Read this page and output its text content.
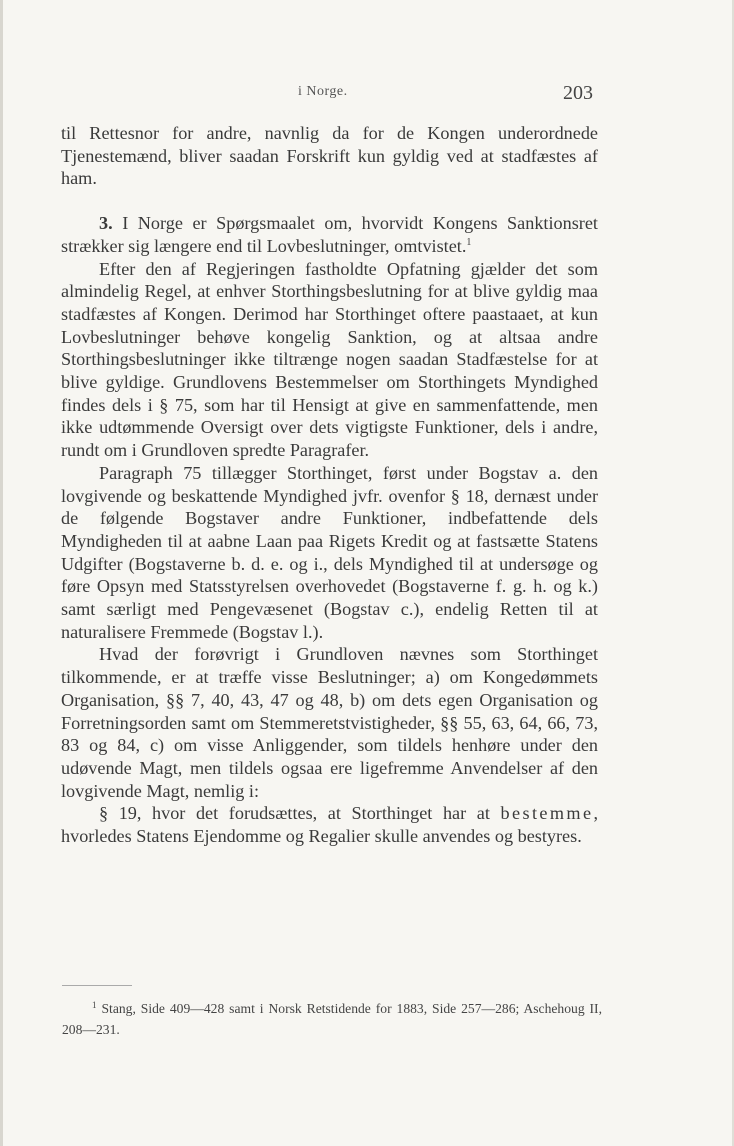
i Norge.	203

til Rettesnor for andre, navnlig da for de Kongen underordnede Tjenestemænd, bliver saadan Forskrift kun gyldig ved at stadfæstes af ham.

3. I Norge er Spørgsmaalet om, hvorvidt Kongens Sanktionsret strækker sig længere end til Lovbeslutninger, omtvistet.$^1$

Efter den af Regjeringen fastholdte Opfatning gjælder det som almindelig Regel, at enhver Storthingsbeslutning for at blive gyldig maa stadfæstes af Kongen. Derimod har Storthinget oftere paastaaet, at kun Lovbeslutninger behøve kongelig Sanktion, og at altsaa andre Storthingsbeslutninger ikke tiltrænge nogen saadan Stadfæstelse for at blive gyldige. Grundlovens Bestemmelser om Storthingets Myndighed findes dels i § 75, som har til Hensigt at give en sammenfattende, men ikke udtømmende Oversigt over dets vigtigste Funktioner, dels i andre, rundt om i Grundloven spredte Paragrafer.

Paragraph 75 tillægger Storthinget, først under Bogstav a. den lovgivende og beskattende Myndighed jvfr. ovenfor § 18, dernæst under de følgende Bogstaver andre Funktioner, indbefattende dels Myndigheden til at aabne Laan paa Rigets Kredit og at fastsætte Statens Udgifter (Bogstaverne b. d. e. og i., dels Myndighed til at undersøge og føre Opsyn med Statsstyrelsen overhovedet (Bogstaverne f. g. h. og k.) samt særligt med Pengevæsenet (Bogstav c.), endelig Retten til at naturalisere Fremmede (Bogstav l.).

Hvad der forøvrigt i Grundloven nævnes som Storthinget tilkommende, er at træffe visse Beslutninger; a) om Kongedømmets Organisation, §§ 7, 40, 43, 47 og 48, b) om dets egen Organisation og Forretningsorden samt om Stemmeretstvistigheder, §§ 55, 63, 64, 66, 73, 83 og 84, c) om visse Anliggender, som tildels henhøre under den udøvende Magt, men tildels ogsaa ere ligefremme Anvendelser af den lovgivende Magt, nemlig i:

§ 19, hvor det forudsættes, at Storthinget har at bestemme, hvorledes Statens Ejendomme og Regalier skulle anvendes og bestyres.

$^1$ Stang, Side 409—428 samt i Norsk Retstidende for 1883, Side 257—286; Aschehoug II, 208—231.
